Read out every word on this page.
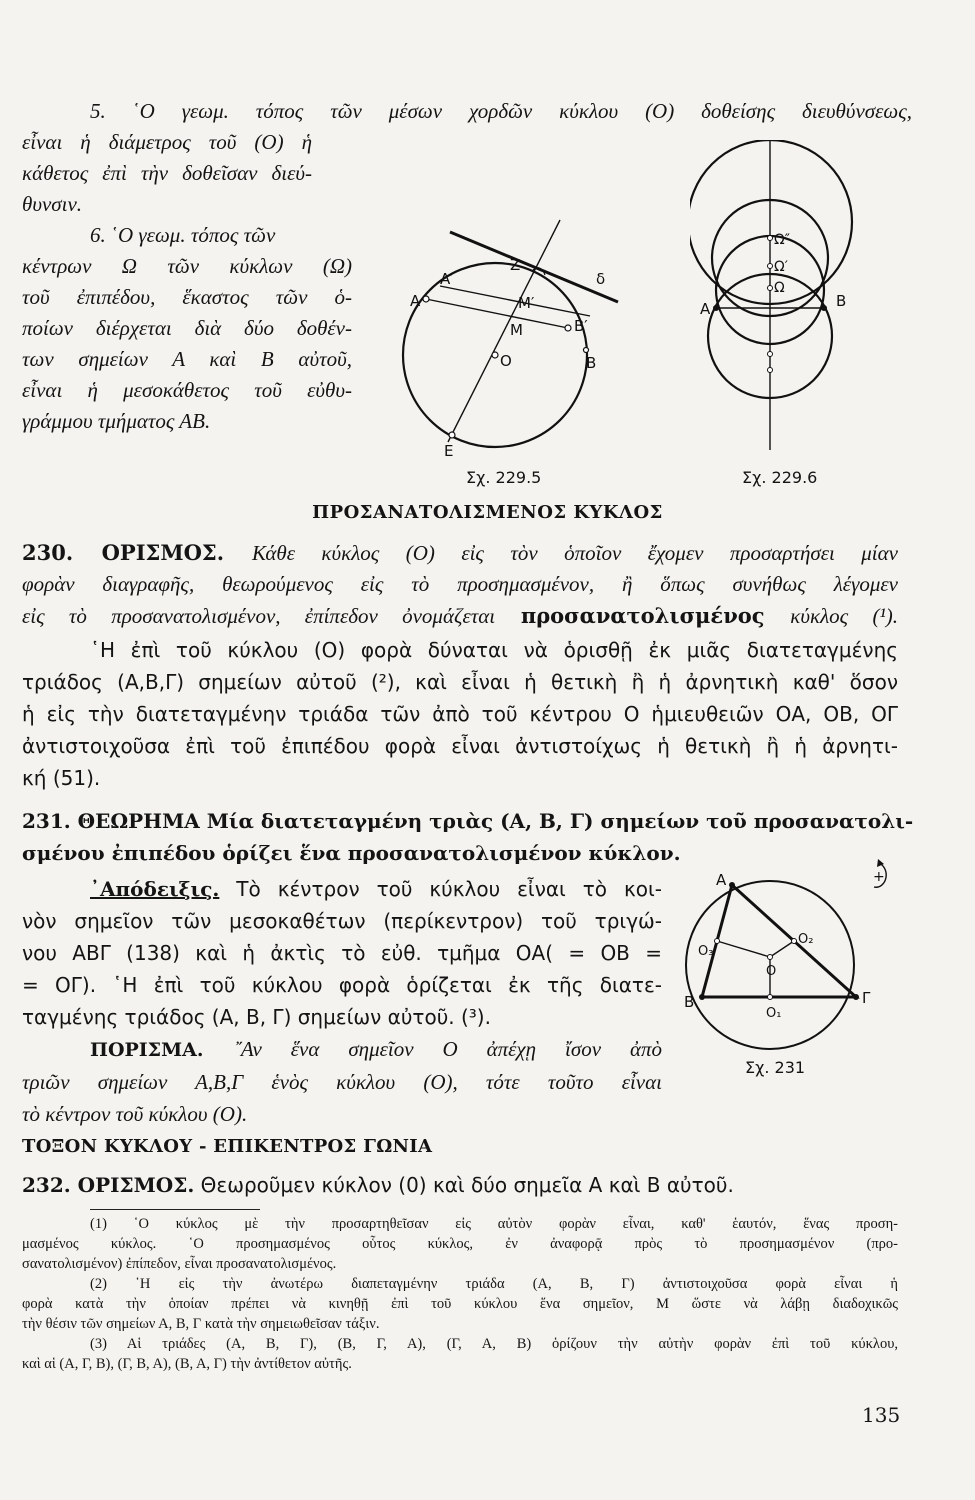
5. ῾Ο γεωμ. τόπος τῶν μέσων χορδῶν κύκλου (Ο) δοθείσης διευθύνσεως,
εἶναι ἡ διάμετρος τοῦ (Ο) ἡ
κάθετος ἐπὶ τὴν δοθεῖσαν διεύ-
θυνσιν.
6. ῾Ο γεωμ. τόπος τῶν
κέντρων Ω τῶν κύκλων (Ω)
τοῦ ἐπιπέδου, ἕκαστος τῶν ὁ-
ποίων διέρχεται διὰ δύο δοθέν-
των σημείων Α καὶ Β αὐτοῦ,
εἶναι ἡ μεσοκάθετος τοῦ εὐθυ-
γράμμου τμήματος ΑΒ.
A
A′
Z
δ
M′
M	B′
O	B
E
Σχ. 229.5
A	B
Ω″
Ω′
Ω
Σχ. 229.6
ΠΡΟΣΑΝΑΤΟΛΙΣΜΕΝΟΣ ΚΥΚΛΟΣ
230. ΟΡΙΣΜΟΣ. Κάθε κύκλος (Ο) εἰς τὸν ὁποῖον ἔχομεν προσαρτήσει μίαν
φορὰν διαγραφῆς, θεωρούμενος εἰς τὸ προσημασμένον, ἢ ὅπως συνήθως λέγομεν
εἰς τὸ προσανατολισμένον, ἐπίπεδον ὀνομάζεται προσανατολισμένος κύκλος (¹).
῾Η ἐπὶ τοῦ κύκλου (Ο) φορὰ δύναται νὰ ὁρισθῇ ἐκ μιᾶς διατεταγμένης
τριάδος (Α,Β,Γ) σημείων αὐτοῦ (²), καὶ εἶναι ἡ θετικὴ ἢ ἡ ἀρνητικὴ καθ' ὅσον
ἡ εἰς τὴν διατεταγμένην τριάδα τῶν ἀπὸ τοῦ κέντρου Ο ἡμιευθειῶν ΟΑ, ΟΒ, ΟΓ
ἀντιστοιχοῦσα ἐπὶ τοῦ ἐπιπέδου φορὰ εἶναι ἀντιστοίχως ἡ θετικὴ ἢ ἡ ἀρνητι-
κή (51).
231. ΘΕΩΡΗΜΑ Μία διατεταγμένη τριὰς (Α, Β, Γ) σημείων τοῦ προσανατολι-
σμένου ἐπιπέδου ὁρίζει ἕνα προσανατολισμένον κύκλον.
᾿Απόδειξις. Τὸ κέντρον τοῦ κύκλου εἶναι τὸ κοι-
νὸν σημεῖον τῶν μεσοκαθέτων (περίκεντρον) τοῦ τριγώ-
νου ΑΒΓ (138) καὶ ἡ ἀκτὶς τὸ εὐθ. τμῆμα ΟΑ( = ΟΒ =
= ΟΓ). ῾Η ἐπὶ τοῦ κύκλου φορὰ ὁρίζεται ἐκ τῆς διατε-
ταγμένης τριάδος (Α, Β, Γ) σημείων αὐτοῦ. (³).
ΠΟΡΙΣΜΑ. ῎Αν ἕνα σημεῖον Ο ἀπέχῃ ἴσον ἀπὸ
τριῶν σημείων Α,Β,Γ ἑνὸς κύκλου (Ο), τότε τοῦτο εἶναι
τὸ κέντρον τοῦ κύκλου (Ο).
+
A
B	Γ
O
O₁
O₂
O₃
Σχ. 231
ΤΟΞΟΝ ΚΥΚΛΟΥ - ΕΠΙΚΕΝΤΡΟΣ ΓΩΝΙΑ
232. ΟΡΙΣΜΟΣ. Θεωροῦμεν κύκλον (0) καὶ δύο σημεῖα Α καὶ Β αὐτοῦ.
(1) ῾Ο κύκλος μὲ τὴν προσαρτηθεῖσαν εἰς αὐτὸν φορὰν εἶναι, καθ' ἑαυτόν, ἕνας προση-
μασμένος κύκλος. ῾Ο προσημασμένος οὗτος κύκλος, ἐν ἀναφορᾷ πρὸς τὸ προσημασμένον (προ-
σανατολισμένον) ἐπίπεδον, εἶναι προσανατολισμένος.
(2) ῾Η εἰς τὴν ἀνωτέρω διαπεταγμένην τριάδα (Α, Β, Γ) ἀντιστοιχοῦσα φορὰ εἶναι ἡ
φορὰ κατὰ τὴν ὁποίαν πρέπει νὰ κινηθῇ ἐπὶ τοῦ κύκλου ἕνα σημεῖον, Μ ὥστε νὰ λάβῃ διαδοχικῶς
τὴν θέσιν τῶν σημείων Α, Β, Γ κατὰ τὴν σημειωθεῖσαν τάξιν.
(3) Αἱ τριάδες (Α, Β, Γ), (Β, Γ, Α), (Γ, Α, Β) ὁρίζουν τὴν αὐτὴν φορὰν ἐπὶ τοῦ κύκλου,
καὶ αἱ (Α, Γ, Β), (Γ, Β, Α), (Β, Α, Γ) τὴν ἀντίθετον αὐτῆς.
135
